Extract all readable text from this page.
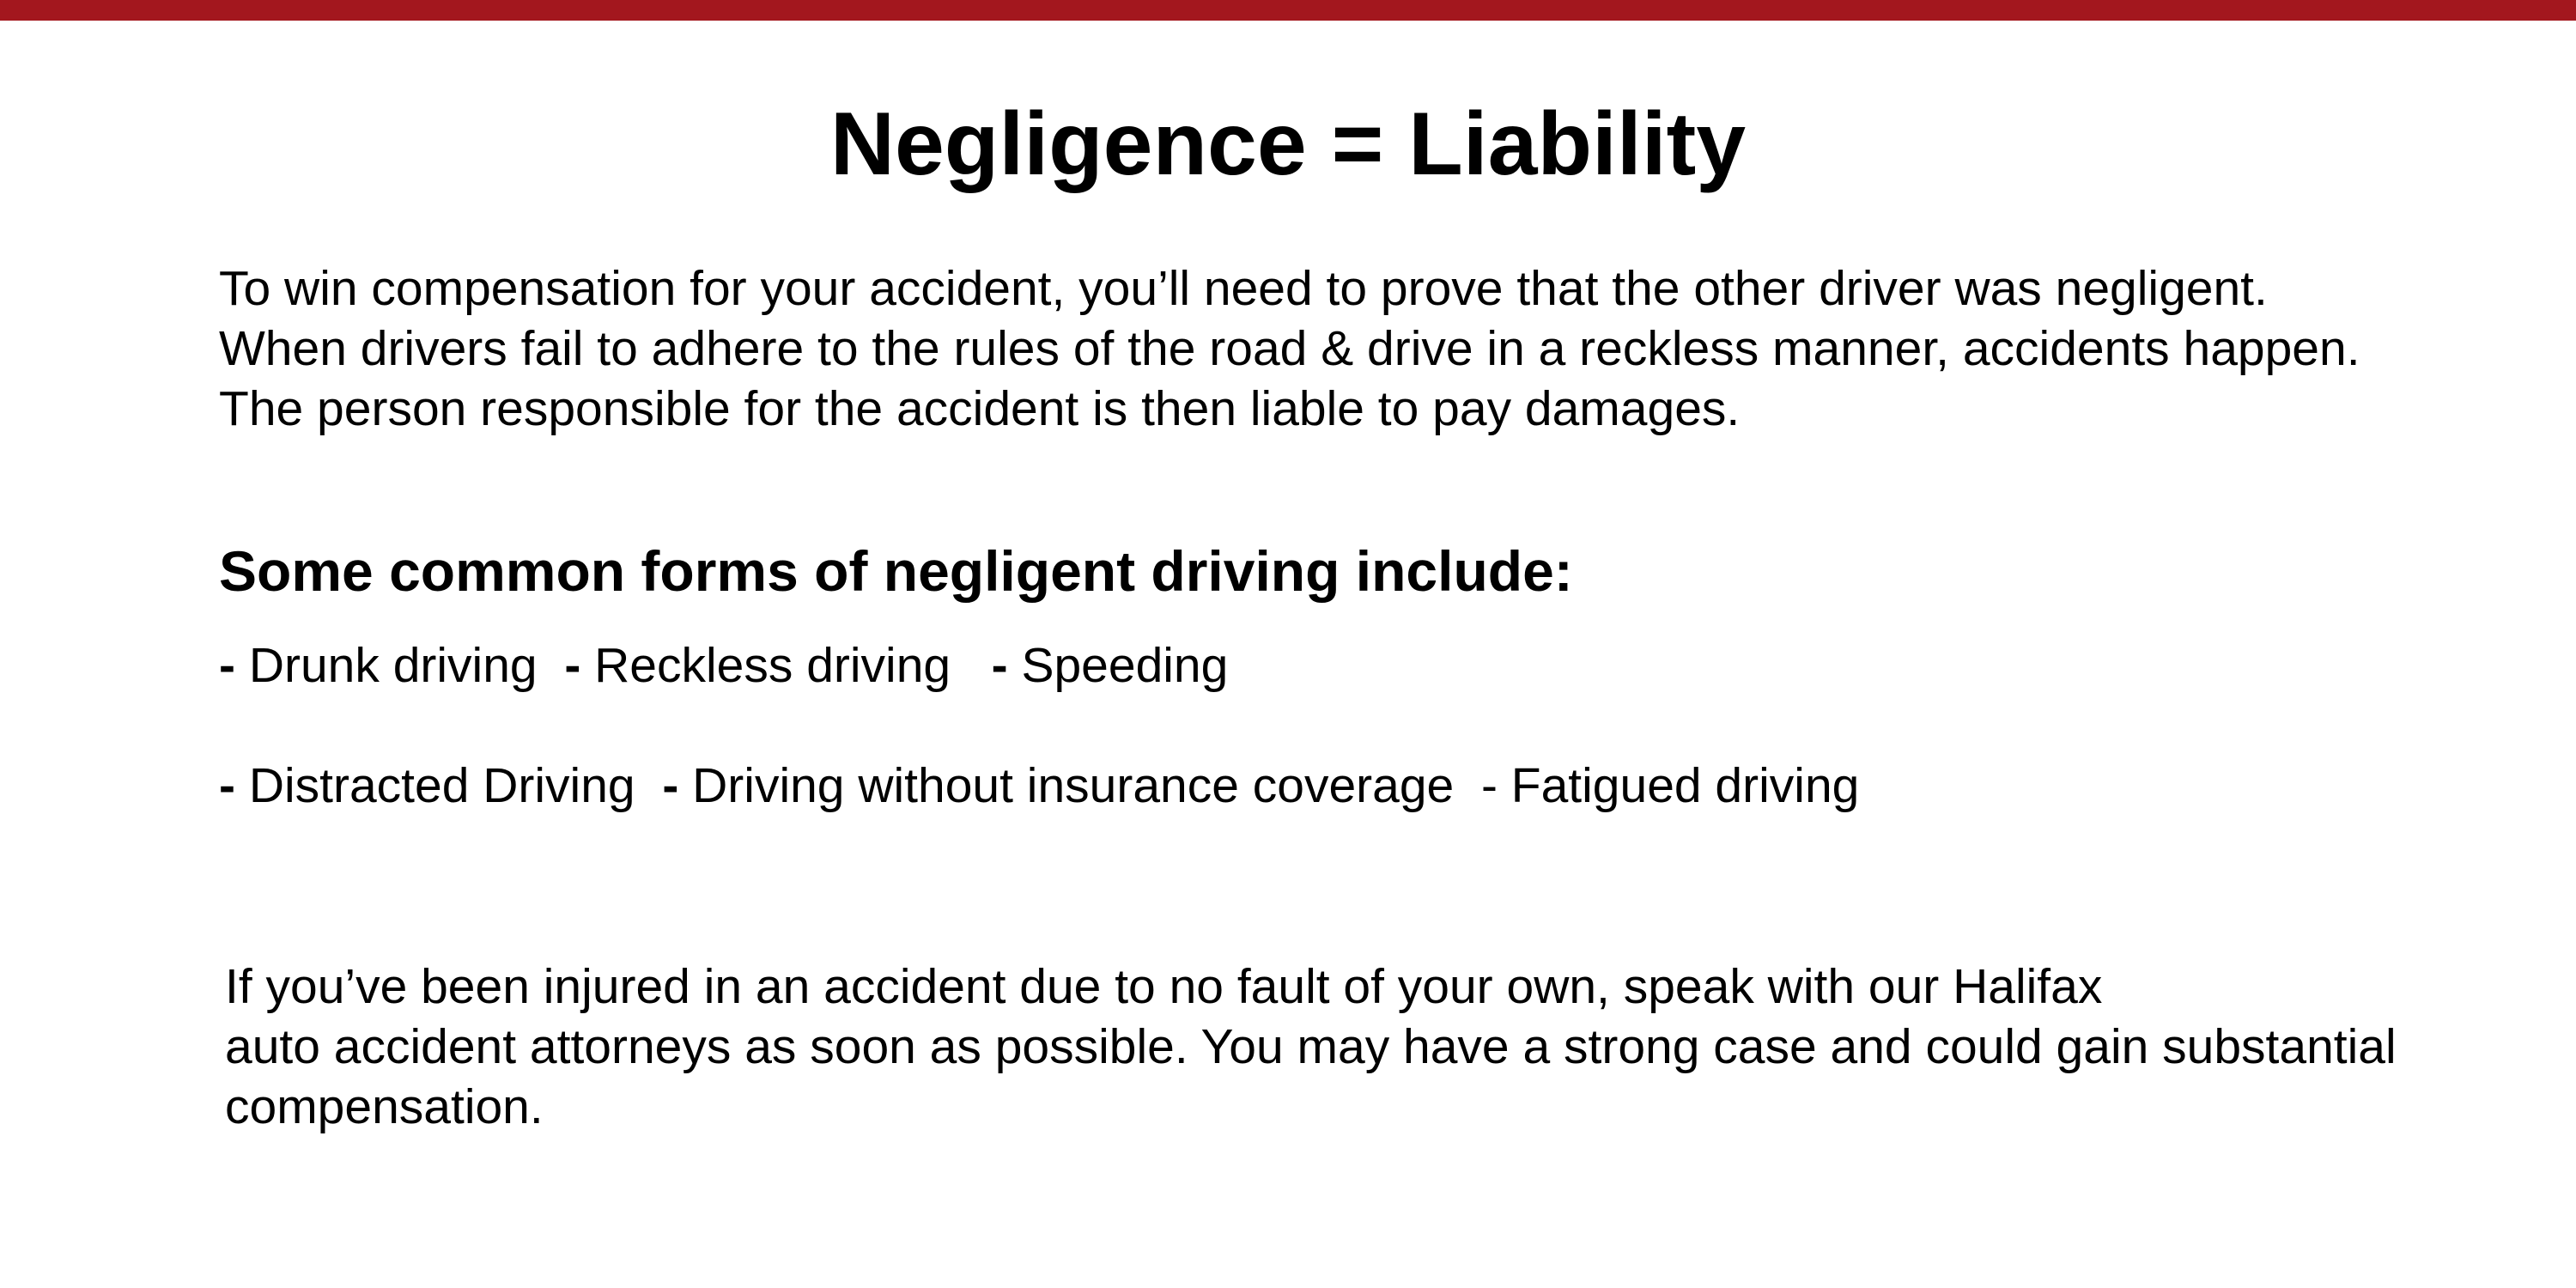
Negligence = Liability

To win compensation for your accident, you’ll need to prove that the other driver was negligent.
When drivers fail to adhere to the rules of the road & drive in a reckless manner, accidents happen.
The person responsible for the accident is then liable to pay damages.

Some common forms of negligent driving include:
- Drunk driving - Reckless driving - Speeding
- Distracted Driving - Driving without insurance coverage - Fatigued driving

If you’ve been injured in an accident due to no fault of your own, speak with our Halifax
auto accident attorneys as soon as possible. You may have a strong case and could gain substantial
compensation.
